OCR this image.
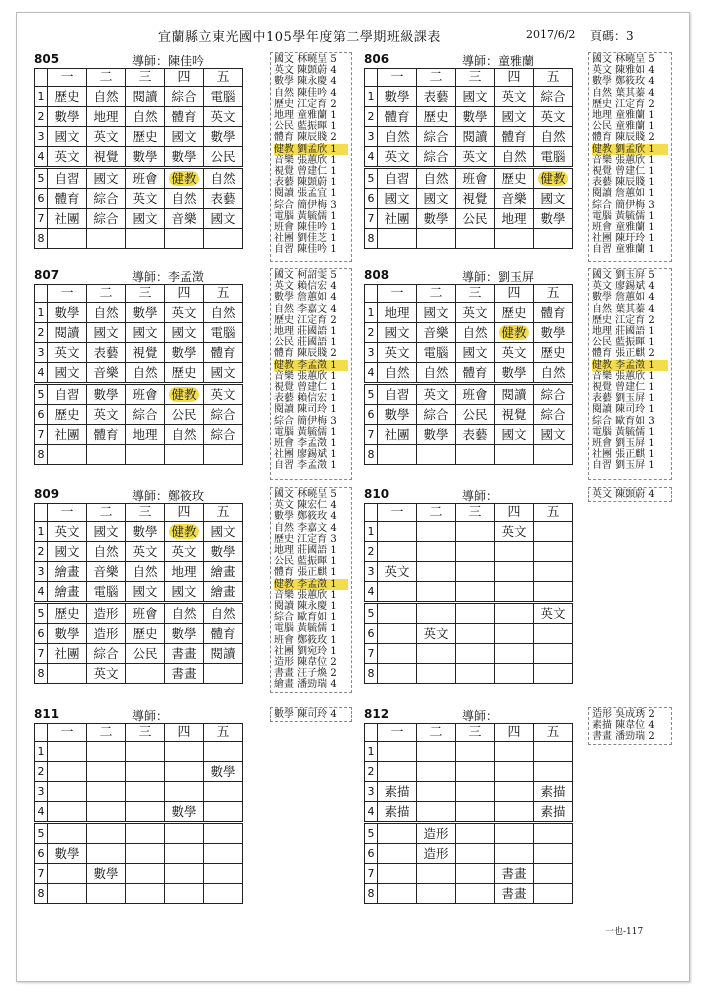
宜蘭縣立東光國中105學年度第二學期班級課表	2017/6/2 頁碼：3
805	導師：陳佳吟
	一	二	三	四	五
1	歷史	自然	閱讀	綜合	電腦
2	數學	地理	自然	體育	英文
3	國文	英文	歷史	國文	數學
4	英文	視覺	數學	數學	公民
5	自習	國文	班會	健教	自然
6	體育	綜合	英文	自然	表藝
7	社團	綜合	國文	音樂	國文
8					
國文 林曉呈 5
英文 陳顗蔚 4
數學 陳永慶 4
自然 陳佳吟 4
歷史 江定育 2
地理 童雅蘭 1
公民 藍振暉 1
體育 陳辰賤 2
健教 劉孟欣 1
音樂 張蕙欣 1
視覺 曾建仁 1
表藝 陳顗蔚 1
閱讀 張孟宜 1
綜合 簡伊梅 3
電腦 黃毓儒 1
班會 陳佳吟 1
社團 劉佳芝 1
自習 陳佳吟 1
806	導師：童雅蘭
	一	二	三	四	五
1	數學	表藝	國文	英文	綜合
2	體育	歷史	數學	國文	英文
3	自然	綜合	閱讀	體育	自然
4	英文	綜合	英文	自然	電腦
5	自習	自然	班會	歷史	健教
6	國文	國文	視覺	音樂	國文
7	社團	數學	公民	地理	數學
8					
國文 林曉呈 5
英文 陳雅如 4
數學 鄭筱玫 4
自然 葉其蓁 4
歷史 江定育 2
地理 童雅蘭 1
公民 童雅蘭 1
體育 陳辰賤 2
健教 劉孟欣 1
音樂 張蕙欣 1
視覺 曾建仁 1
表藝 陳辰賤 1
閱讀 詹蕙如 1
綜合 簡伊梅 3
電腦 黃毓儒 1
班會 童雅蘭 1
社團 陳玗玲 1
自習 童雅蘭 1
807	導師：李孟澂
	一	二	三	四	五
1	數學	自然	數學	英文	自然
2	閱讀	國文	國文	國文	電腦
3	英文	表藝	視覺	數學	體育
4	國文	音樂	自然	歷史	國文
5	自習	數學	班會	健教	英文
6	歷史	英文	綜合	公民	綜合
7	社團	體育	地理	自然	綜合
8					
國文 柯詔雯 5
英文 賴信宏 4
數學 詹蕙如 4
自然 李嘉文 4
歷史 江定育 2
地理 莊國語 1
公民 莊國語 1
體育 陳辰賤 2
健教 李孟澂 1
音樂 張蕙欣 1
視覺 曾建仁 1
表藝 賴信宏 1
閱讀 陳司玲 1
綜合 簡伊梅 3
電腦 黃毓儒 1
班會 李孟澂 1
社團 廖錫斌 1
自習 李孟澂 1
808	導師：劉玉屏
	一	二	三	四	五
1	地理	國文	英文	歷史	體育
2	國文	音樂	自然	健教	數學
3	英文	電腦	國文	英文	歷史
4	自然	自然	體育	數學	自然
5	自習	英文	班會	閱讀	綜合
6	數學	綜合	公民	視覺	綜合
7	社團	數學	表藝	國文	國文
8					
國文 劉玉屏 5
英文 廖錫斌 4
數學 詹蕙如 4
自然 葉其蓁 4
歷史 江定育 2
地理 莊國語 1
公民 藍振暉 1
體育 張正麒 2
健教 李孟澂 1
音樂 張蕙欣 1
視覺 曾建仁 1
表藝 劉玉屏 1
閱讀 陳司玲 1
綜合 歐育如 3
電腦 黃毓儒 1
班會 劉玉屏 1
社團 張正麒 1
自習 劉玉屏 1
809	導師：鄭筱玫
	一	二	三	四	五
1	英文	國文	數學	健教	國文
2	國文	自然	英文	英文	數學
3	繪畫	音樂	自然	地理	繪畫
4	繪畫	電腦	國文	國文	繪畫
5	歷史	造形	班會	自然	自然
6	數學	造形	歷史	數學	體育
7	社團	綜合	公民	書畫	閱讀
8		英文		書畫	
國文 林曉呈 5
英文 陳宏仁 4
數學 鄭筱玫 4
自然 李嘉文 4
歷史 江定育 3
地理 莊國語 1
公民 藍振暉 1
體育 張正麒 1
健教 李孟澂 1
音樂 張蕙欣 1
閱讀 陳永慶 1
綜合 歐育如 1
電腦 黃毓儒 1
班會 鄭筱玫 1
社團 劉宛玲 1
造形 陳韋位 2
書畫 汪子煥 2
繪畫 潘勁瑞 4
810	導師：
	一	二	三	四	五
1				英文	
2					
3	英文				
4					
5					英文
6		英文			
7					
8					
英文 陳顗蔚 4
811	導師：
	一	二	三	四	五
1					
2					數學
3					
4				數學	
5					
6	數學				
7		數學			
8					
數學 陳司玲 4	812	導師：
	一	二	三	四	五
1					
2					
3	素描				素描
4	素描				素描
5		造形			
6		造形			
7				書畫	
8				書畫	
造形 吳成琇 2
素描 陳韋位 4
書畫 潘勁瑞 2
一也-117
